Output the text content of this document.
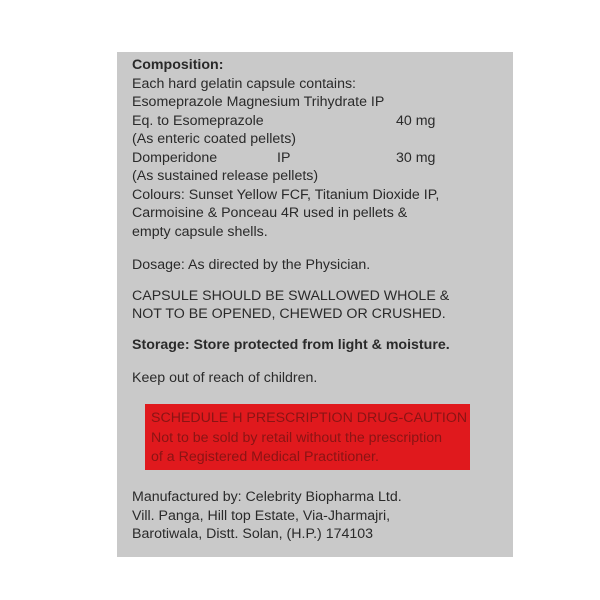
Composition:
Each hard gelatin capsule contains:
Esomeprazole Magnesium Trihydrate IP
Eq. to Esomeprazole	40 mg
(As enteric coated pellets)
Domperidone	IP	30 mg
(As sustained release pellets)
Colours: Sunset Yellow FCF, Titanium Dioxide IP,
Carmoisine & Ponceau 4R used in pellets &
empty capsule shells.
Dosage: As directed by the Physician.
CAPSULE SHOULD BE SWALLOWED WHOLE &
NOT TO BE OPENED, CHEWED OR CRUSHED.
Storage: Store protected from light & moisture.
Keep out of reach of children.
SCHEDULE H PRESCRIPTION DRUG-CAUTION
Not to be sold by retail without the prescription
of a Registered Medical Practitioner.
Manufactured by: Celebrity Biopharma Ltd.
Vill. Panga, Hill top Estate, Via-Jharmajri,
Barotiwala, Distt. Solan, (H.P.) 174103
